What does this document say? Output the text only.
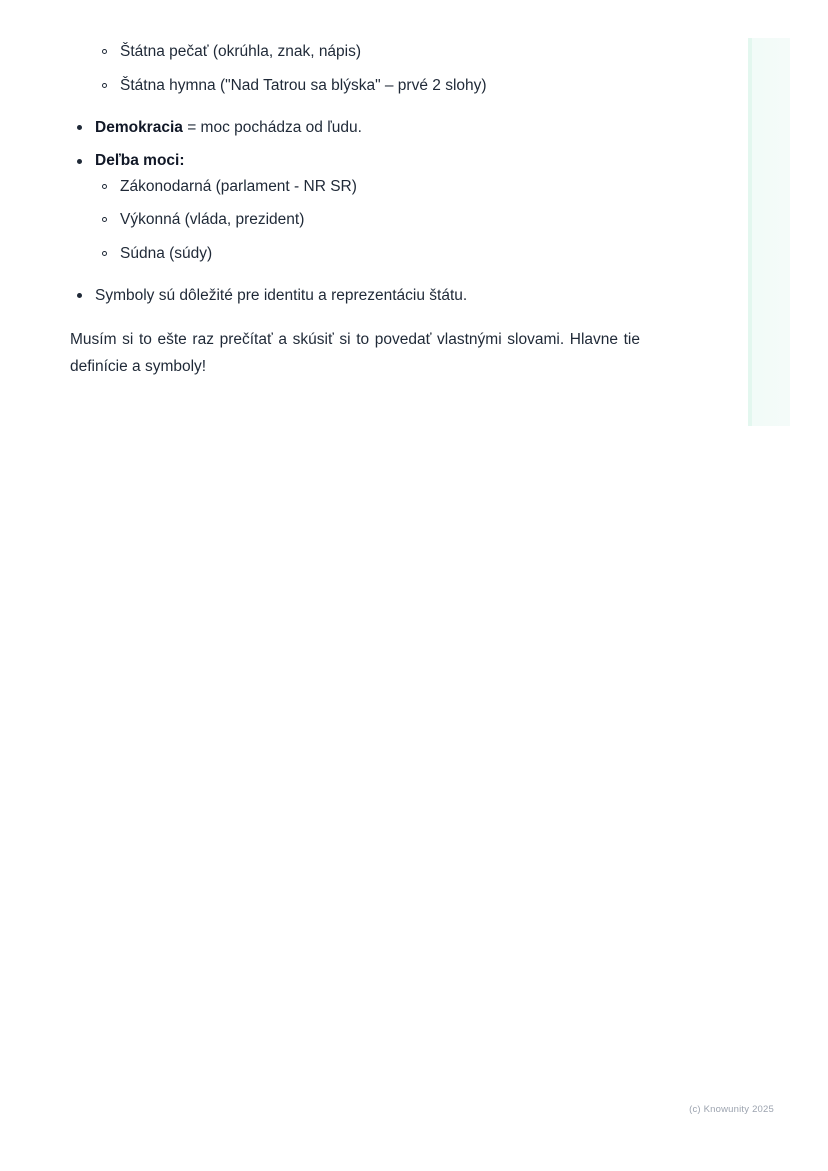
Štátna pečať (okrúhla, znak, nápis)
Štátna hymna ("Nad Tatrou sa blýska" – prvé 2 slohy)
Demokracia = moc pochádza od ľudu.
Deľba moci:
Zákonodarná (parlament - NR SR)
Výkonná (vláda, prezident)
Súdna (súdy)
Symboly sú dôležité pre identitu a reprezentáciu štátu.
Musím si to ešte raz prečítať a skúsiť si to povedať vlastnými slovami. Hlavne tie definície a symboly!
(c) Knowunity 2025
